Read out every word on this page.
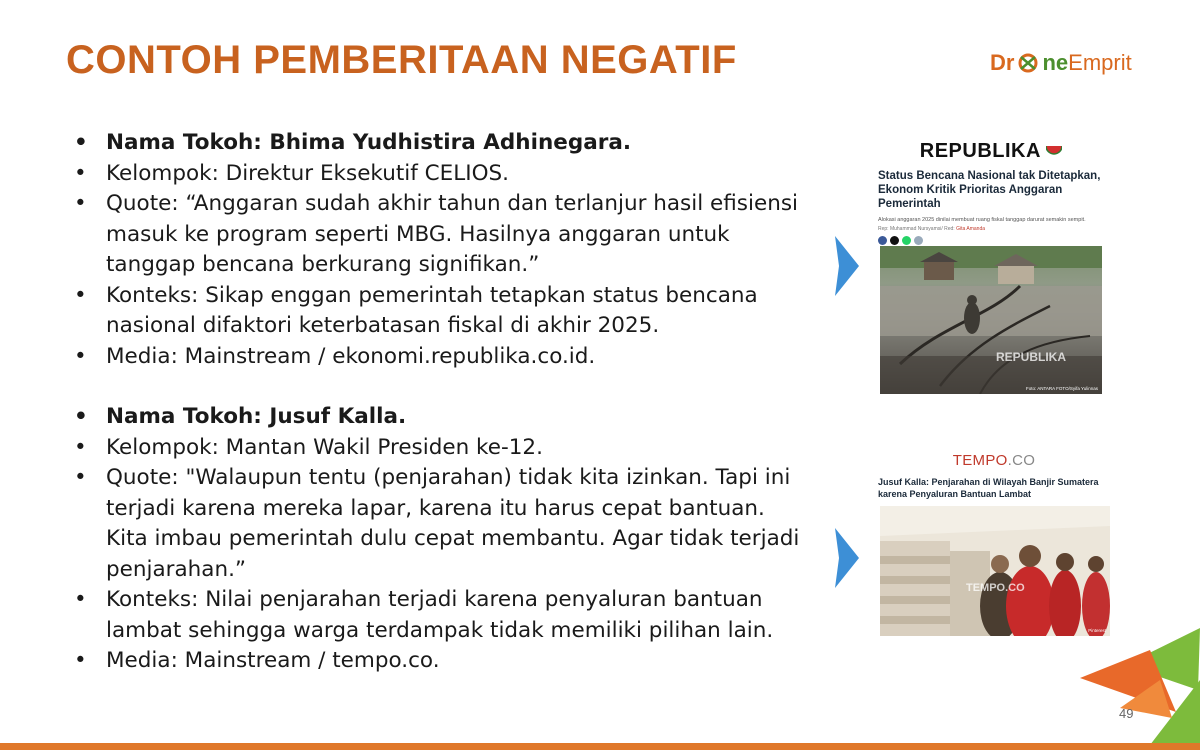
CONTOH PEMBERITAAN NEGATIF	Dr neEmprit
• Nama Tokoh: Bhima Yudhistira Adhinegara.
• Kelompok: Direktur Eksekutif CELIOS.
• Quote: “Anggaran sudah akhir tahun dan terlanjur hasil efisiensi masuk ke program seperti MBG. Hasilnya anggaran untuk tanggap bencana berkurang signifikan.”
• Konteks: Sikap enggan pemerintah tetapkan status bencana nasional difaktori keterbatasan fiskal di akhir 2025.
• Media: Mainstream / ekonomi.republika.co.id.
• Nama Tokoh: Jusuf Kalla.
• Kelompok: Mantan Wakil Presiden ke-12.
• Quote: "Walaupun tentu (penjarahan) tidak kita izinkan. Tapi ini terjadi karena mereka lapar, karena itu harus cepat bantuan. Kita imbau pemerintah dulu cepat membantu. Agar tidak terjadi penjarahan.”
• Konteks: Nilai penjarahan terjadi karena penyaluran bantuan lambat sehingga warga terdampak tidak memiliki pilihan lain.
• Media: Mainstream / tempo.co.
REPUBLIKA
Status Bencana Nasional tak Ditetapkan, Ekonom Kritik Prioritas Anggaran Pemerintah
Alokasi anggaran 2025 dinilai membuat ruang fiskal tanggap darurat semakin sempit.
Rep: Muhammad Nursyamsi/ Red: Gita Amanda
REPUBLIKA
Foto: ANTARA FOTO/Syifa Yulinnas
TEMPO.CO
Jusuf Kalla: Penjarahan di Wilayah Banjir Sumatera karena Penyaluran Bantuan Lambat
TEMPO.CO
Pinterest
49
